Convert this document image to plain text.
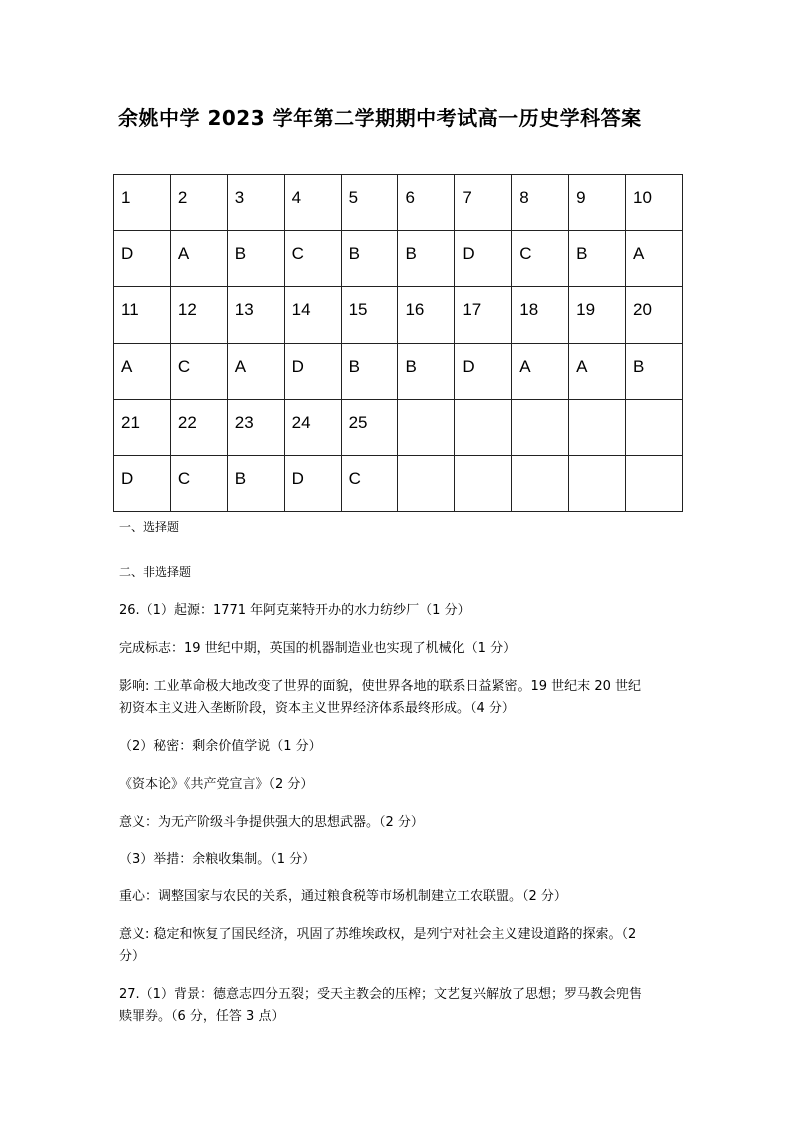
余姚中学 2023 学年第二学期期中考试高一历史学科答案
1	2	3	4	5	6	7	8	9	10
D	A	B	C	B	B	D	C	B	A
11	12	13	14	15	16	17	18	19	20
A	C	A	D	B	B	D	A	A	B
21	22	23	24	25					
D	C	B	D	C					
一、选择题
二、非选择题
26.（1）起源：1771 年阿克莱特开办的水力纺纱厂（1 分）
完成标志：19 世纪中期，英国的机器制造业也实现了机械化（1 分）
影响: 工业革命极大地改变了世界的面貌，使世界各地的联系日益紧密。19 世纪末 20 世纪
初资本主义进入垄断阶段，资本主义世界经济体系最终形成。（4 分）
（2）秘密：剩余价值学说（1 分）
《资本论》《共产党宣言》（2 分）
意义：为无产阶级斗争提供强大的思想武器。（2 分）
（3）举措：余粮收集制。（1 分）
重心：调整国家与农民的关系，通过粮食税等市场机制建立工农联盟。（2 分）
意义: 稳定和恢复了国民经济，巩固了苏维埃政权，是列宁对社会主义建设道路的探索。（2
分）
27.（1）背景：德意志四分五裂；受天主教会的压榨；文艺复兴解放了思想；罗马教会兜售
赎罪券。（6 分，任答 3 点）
